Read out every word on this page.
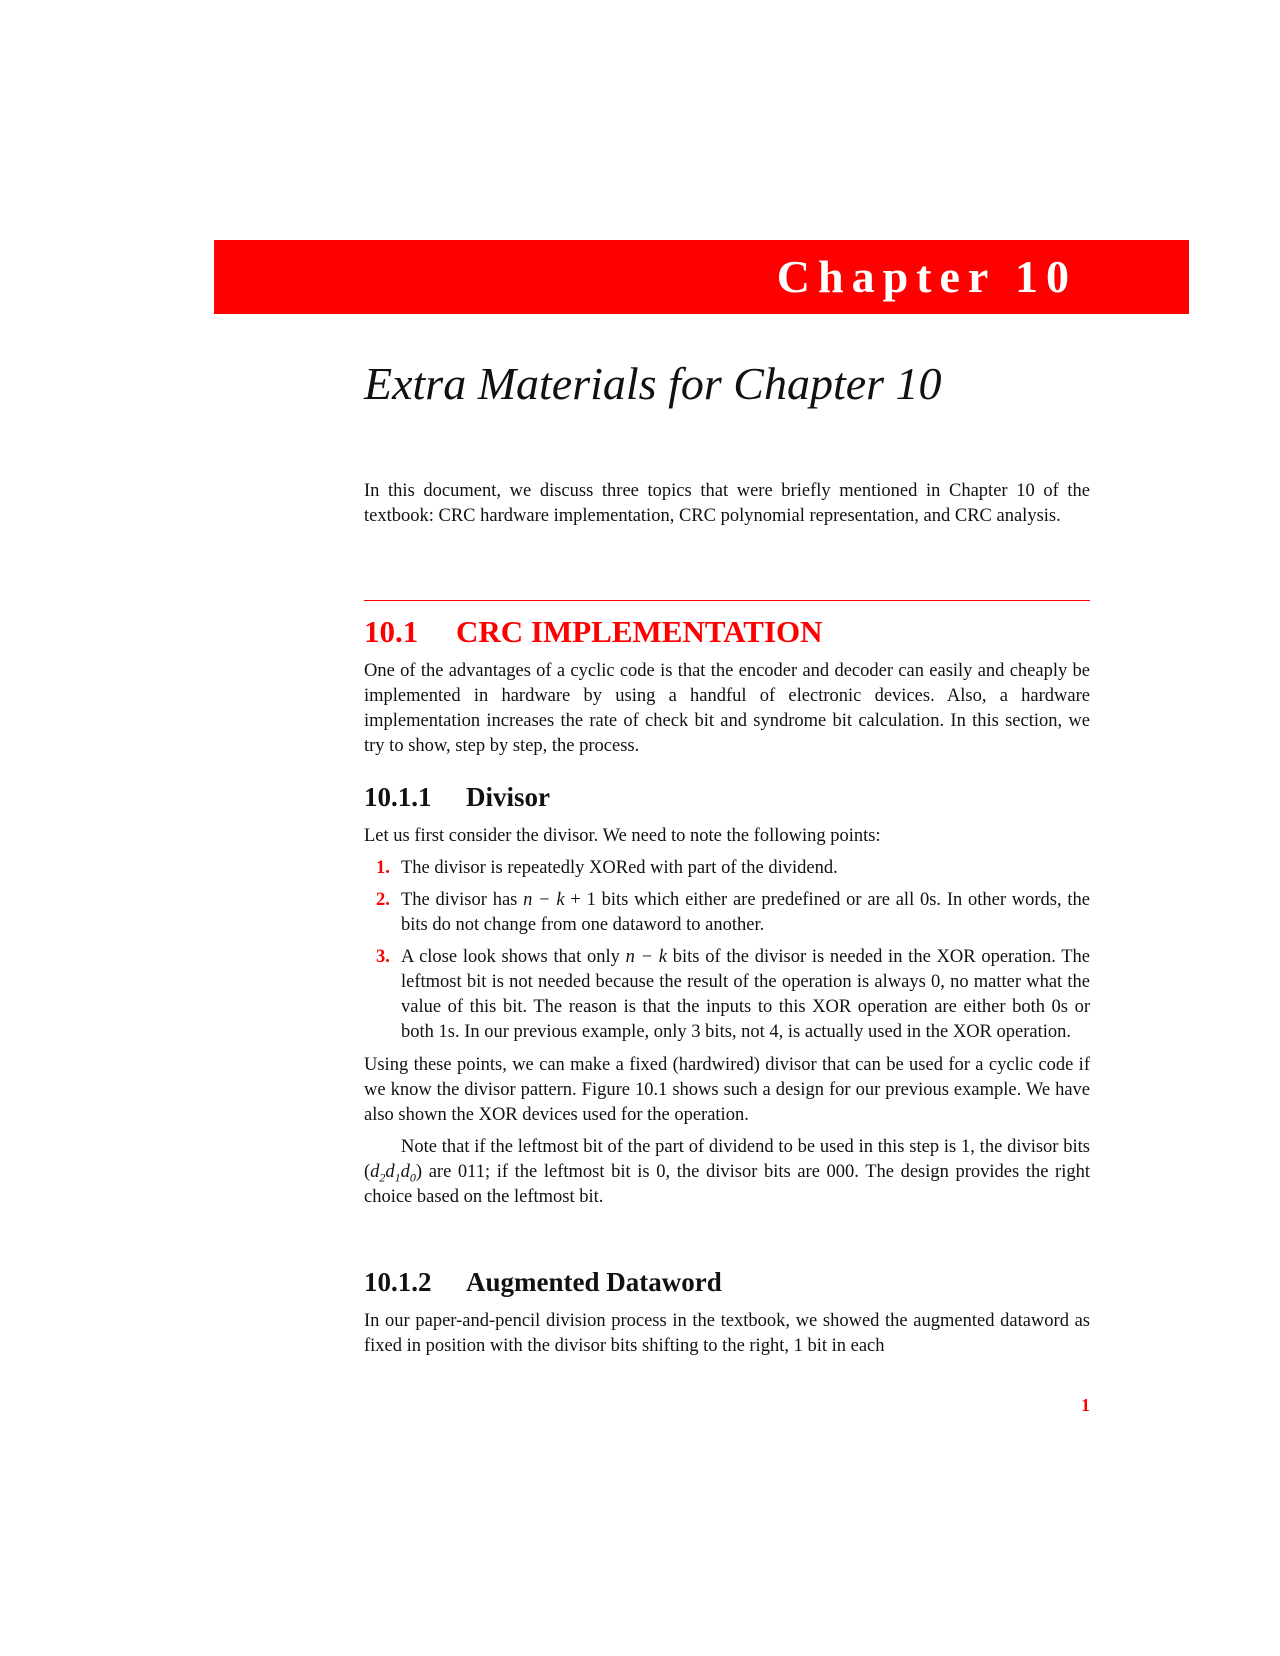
Chapter 10
Extra Materials for Chapter 10

In this document, we discuss three topics that were briefly mentioned in Chapter 10 of the textbook: CRC hardware implementation, CRC polynomial representation, and CRC analysis.

10.1 CRC IMPLEMENTATION

One of the advantages of a cyclic code is that the encoder and decoder can easily and cheaply be implemented in hardware by using a handful of electronic devices. Also, a hardware implementation increases the rate of check bit and syndrome bit calculation. In this section, we try to show, step by step, the process.

10.1.1 Divisor

Let us first consider the divisor. We need to note the following points:

1. The divisor is repeatedly XORed with part of the dividend.
2. The divisor has n − k + 1 bits which either are predefined or are all 0s. In other words, the bits do not change from one dataword to another.
3. A close look shows that only n − k bits of the divisor is needed in the XOR operation. The leftmost bit is not needed because the result of the operation is always 0, no matter what the value of this bit. The reason is that the inputs to this XOR operation are either both 0s or both 1s. In our previous example, only 3 bits, not 4, is actually used in the XOR operation.

Using these points, we can make a fixed (hardwired) divisor that can be used for a cyclic code if we know the divisor pattern. Figure 10.1 shows such a design for our previous example. We have also shown the XOR devices used for the operation.

Note that if the leftmost bit of the part of dividend to be used in this step is 1, the divisor bits $(d_2d_1d_0)$ are 011; if the leftmost bit is 0, the divisor bits are 000. The design provides the right choice based on the leftmost bit.

10.1.2 Augmented Dataword

In our paper-and-pencil division process in the textbook, we showed the augmented dataword as fixed in position with the divisor bits shifting to the right, 1 bit in each

1
